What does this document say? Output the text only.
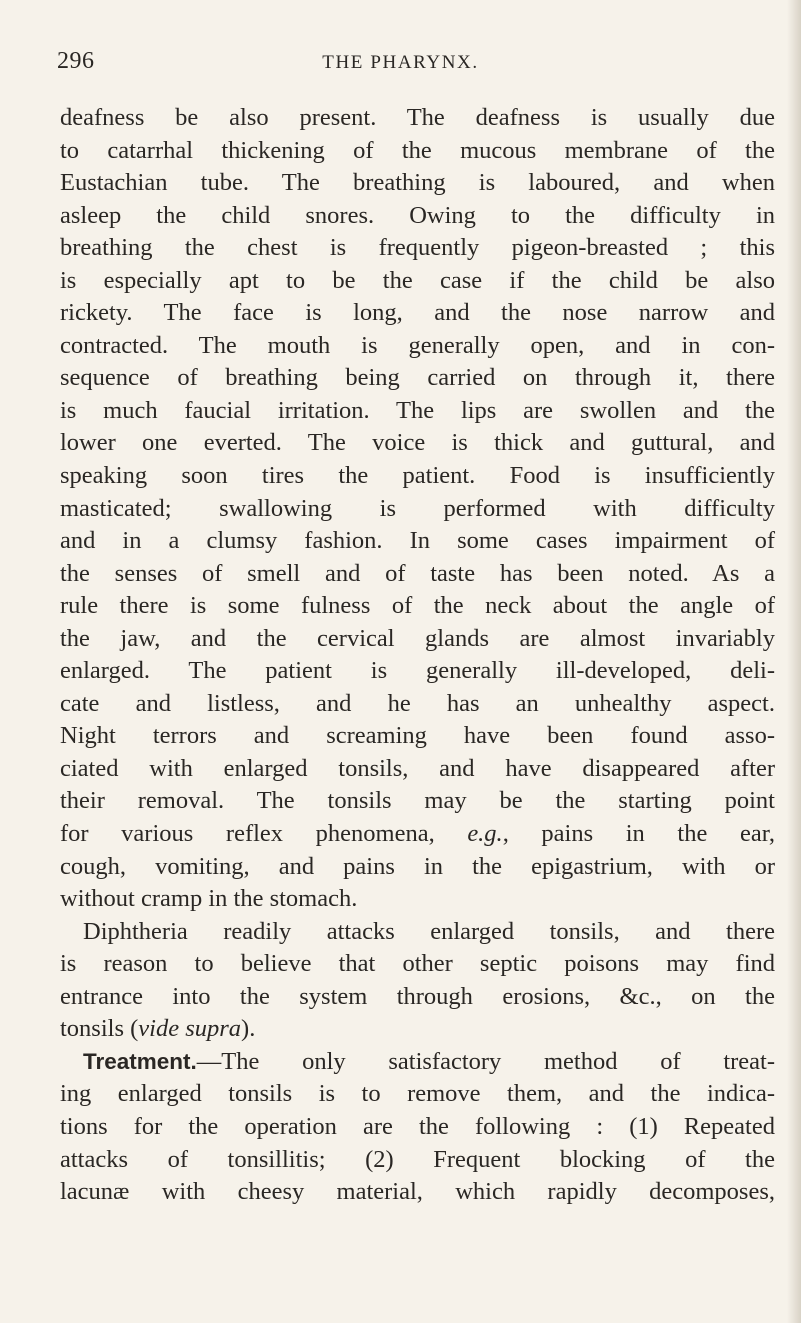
296	THE PHARYNX.
deafness be also present. The deafness is usually due
to catarrhal thickening of the mucous membrane of the
Eustachian tube. The breathing is laboured, and when
asleep the child snores. Owing to the difficulty in
breathing the chest is frequently pigeon-breasted ; this
is especially apt to be the case if the child be also
rickety. The face is long, and the nose narrow and
contracted. The mouth is generally open, and in con-
sequence of breathing being carried on through it, there
is much faucial irritation. The lips are swollen and the
lower one everted. The voice is thick and guttural, and
speaking soon tires the patient. Food is insufficiently
masticated; swallowing is performed with difficulty
and in a clumsy fashion. In some cases impairment of
the senses of smell and of taste has been noted. As a
rule there is some fulness of the neck about the angle of
the jaw, and the cervical glands are almost invariably
enlarged. The patient is generally ill-developed, deli-
cate and listless, and he has an unhealthy aspect.
Night terrors and screaming have been found asso-
ciated with enlarged tonsils, and have disappeared after
their removal. The tonsils may be the starting point
for various reflex phenomena, e.g., pains in the ear,
cough, vomiting, and pains in the epigastrium, with or
without cramp in the stomach.
Diphtheria readily attacks enlarged tonsils, and there
is reason to believe that other septic poisons may find
entrance into the system through erosions, &c., on the
tonsils (vide supra).
Treatment.—The only satisfactory method of treat-
ing enlarged tonsils is to remove them, and the indica-
tions for the operation are the following : (1) Repeated
attacks of tonsillitis; (2) Frequent blocking of the
lacunæ with cheesy material, which rapidly decomposes,
